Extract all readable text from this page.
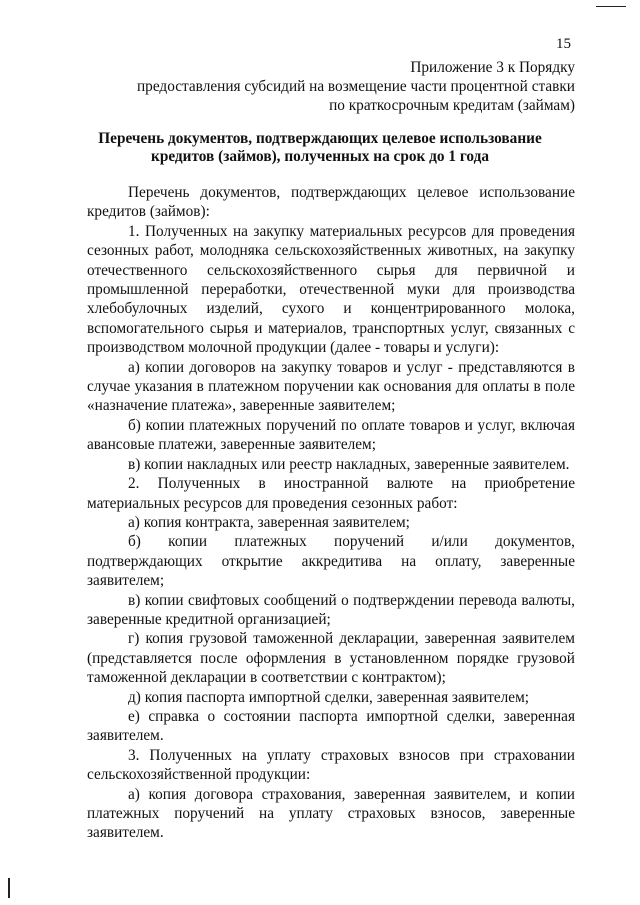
15
Приложение 3 к Порядку
предоставления субсидий на возмещение части процентной ставки
по краткосрочным кредитам (займам)
Перечень документов, подтверждающих целевое использование
кредитов (займов), полученных на срок до 1 года

Перечень документов, подтверждающих целевое использование кредитов (займов):

1. Полученных на закупку материальных ресурсов для проведения сезонных работ, молодняка сельскохозяйственных животных, на закупку отечественного сельскохозяйственного сырья для первичной и промышленной переработки, отечественной муки для производства хлебобулочных изделий, сухого и концентрированного молока, вспомогательного сырья и материалов, транспортных услуг, связанных с производством молочной продукции (далее - товары и услуги):

а) копии договоров на закупку товаров и услуг - представляются в случае указания в платежном поручении как основания для оплаты в поле «назначение платежа», заверенные заявителем;

б) копии платежных поручений по оплате товаров и услуг, включая авансовые платежи, заверенные заявителем;

в) копии накладных или реестр накладных, заверенные заявителем.

2. Полученных в иностранной валюте на приобретение материальных ресурсов для проведения сезонных работ:

а) копия контракта, заверенная заявителем;

б) копии платежных поручений и/или документов, подтверждающих открытие аккредитива на оплату, заверенные заявителем;

в) копии свифтовых сообщений о подтверждении перевода валюты, заверенные кредитной организацией;

г) копия грузовой таможенной декларации, заверенная заявителем (представляется после оформления в установленном порядке грузовой таможенной декларации в соответствии с контрактом);

д) копия паспорта импортной сделки, заверенная заявителем;

е) справка о состоянии паспорта импортной сделки, заверенная заявителем.

3. Полученных на уплату страховых взносов при страховании сельскохозяйственной продукции:

а) копия договора страхования, заверенная заявителем, и копии платежных поручений на уплату страховых взносов, заверенные заявителем.
